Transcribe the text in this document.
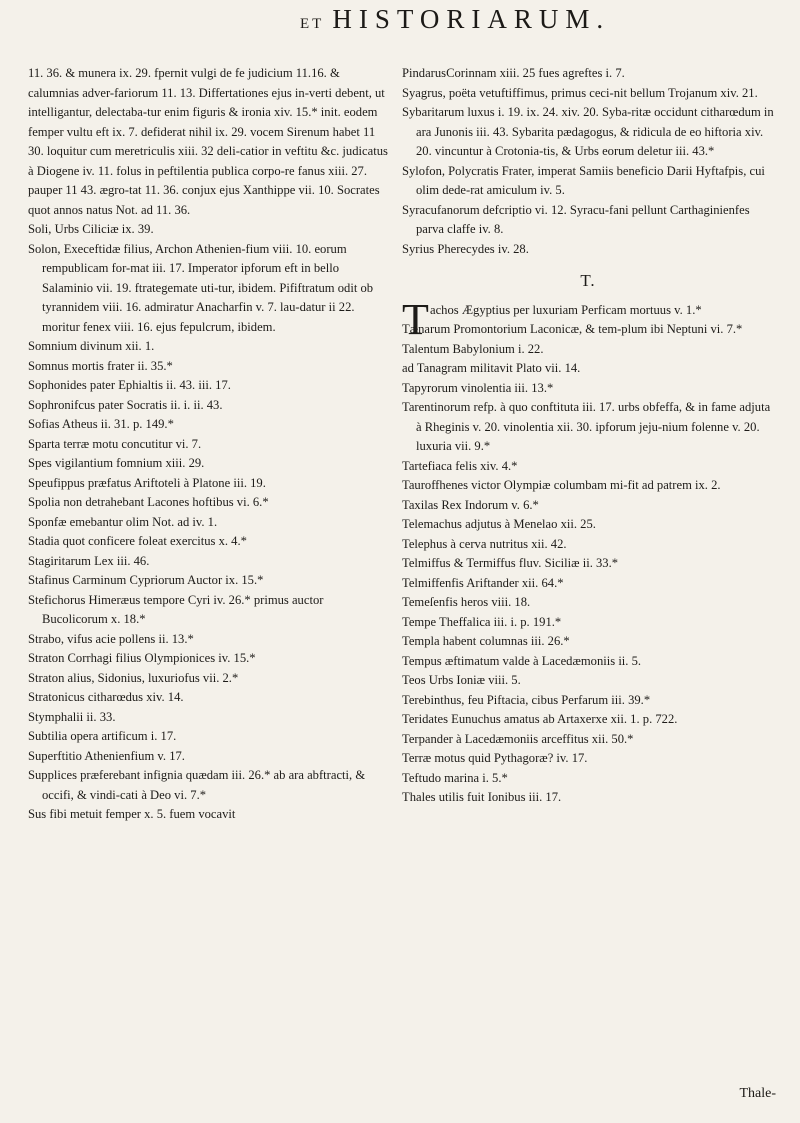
ET HISTORIARUM.

11. 36. & munera ix. 29. fpernit vulgi de fe judicium 11.16. & calumnias adver-fariorum 11. 13. Differtationes ejus in-verti debent, ut intelligantur, delectaba-tur enim figuris & ironia xiv. 15.* init. eodem femper vultu eft ix. 7. defiderat nihil ix. 29. vocem Sirenum habet 11 30. loquitur cum meretriculis xiii. 32 deli-catior in veftitu &c. judicatus à Diogene iv. 11. folus in peftilentia publica corpo-re fanus xiii. 27. pauper 11 43. ægro-tat 11. 36. conjux ejus Xanthippe vii. 10. Socrates quot annos natus Not. ad 11. 36.

Soli, Urbs Ciliciæ ix. 39.

Solon, Execeftidæ filius, Archon Athenien-fium viii. 10. eorum rempublicam for-mat iii. 17. Imperator ipforum eft in bello Salaminio vii. 19. ftrategemate uti-tur, ibidem. Pififtratum odit ob tyrannidem viii. 16. admiratur Anacharfin v. 7. lau-datur ii 22. moritur fenex viii. 16. ejus fepulcrum, ibidem.

Somnium divinum xii. 1.

Somnus mortis frater ii. 35.*

Sophonides pater Ephialtis ii. 43. iii. 17.

Sophronifcus pater Socratis ii. i. ii. 43.

Sofias Atheus ii. 31. p. 149.*

Sparta terræ motu concutitur vi. 7.

Spes vigilantium fomnium xiii. 29.

Speufippus præfatus Ariftoteli à Platone iii. 19.

Spolia non detrahebant Lacones hoftibus vi. 6.*

Sponfæ emebantur olim Not. ad iv. 1.

Stadia quot conficere foleat exercitus x. 4.*

Stagiritarum Lex iii. 46.

Stafinus Carminum Cypriorum Auctor ix. 15.*

Stefichorus Himeræus tempore Cyri iv. 26.* primus auctor Bucolicorum x. 18.*

Strabo, vifus acie pollens ii. 13.*

Straton Corrhagi filius Olympionices iv. 15.*

Straton alius, Sidonius, luxuriofus vii. 2.*

Stratonicus citharœdus xiv. 14.

Stymphalii ii. 33.

Subtilia opera artificum i. 17.

Superftitio Athenienfium v. 17.

Supplices præferebant infignia quædam iii. 26.* ab ara abftracti, & occifi, & vindi-cati à Deo vi. 7.*

Sus fibi metuit femper x. 5. fuem vocavit

PindarusCorinnam xiii. 25 fues agreftes i. 7.

Syagrus, poëta vetuftiffimus, primus ceci-nit bellum Trojanum xiv. 21.

Sybaritarum luxus i. 19. ix. 24. xiv. 20. Syba-ritæ occidunt citharœdum in ara Junonis iii. 43. Sybarita pædagogus, & ridicula de eo hiftoria xiv. 20. vincuntur à Crotonia-tis, & Urbs eorum deletur iii. 43.*

Sylofon, Polycratis Frater, imperat Samiis beneficio Darii Hyftafpis, cui olim dede-rat amiculum iv. 5.

Syracufanorum defcriptio vi. 12. Syracu-fani pellunt Carthaginienfes parva claffe iv. 8.

Syrius Pherecydes iv. 28.

T.

T achos Ægyptius per luxuriam Perficam mortuus v. 1.*

Tænarum Promontorium Laconicæ, & tem-plum ibi Neptuni vi. 7.*

Talentum Babylonium i. 22.

ad Tanagram militavit Plato vii. 14.

Tapyrorum vinolentia iii. 13.*

Tarentinorum refp. à quo conftituta iii. 17. urbs obfeffa, & in fame adjuta à Rheginis v. 20. vinolentia xii. 30. ipforum jeju-nium folenne v. 20. luxuria vii. 9.*

Tartefiaca felis xiv. 4.*

Tauroffhenes victor Olympiæ columbam mi-fit ad patrem ix. 2.

Taxilas Rex Indorum v. 6.*

Telemachus adjutus à Menelao xii. 25.

Telephus à cerva nutritus xii. 42.

Telmiffus & Termiffus fluv. Siciliæ ii. 33.*

Telmiffenfis Ariftander xii. 64.*

Temeſenfis heros viii. 18.

Tempe Theffalica iii. i. p. 191.*

Templa habent columnas iii. 26.*

Tempus æftimatum valde à Lacedæmoniis ii. 5.

Teos Urbs Ioniæ viii. 5.

Terebinthus, feu Piftacia, cibus Perfarum iii. 39.*

Teridates Eunuchus amatus ab Artaxerxe xii. 1. p. 722.

Terpander à Lacedæmoniis arceffitus xii. 50.*

Terræ motus quid Pythagoræ? iv. 17.

Teftudo marina i. 5.*

Thales utilis fuit Ionibus iii. 17.

Thale-
